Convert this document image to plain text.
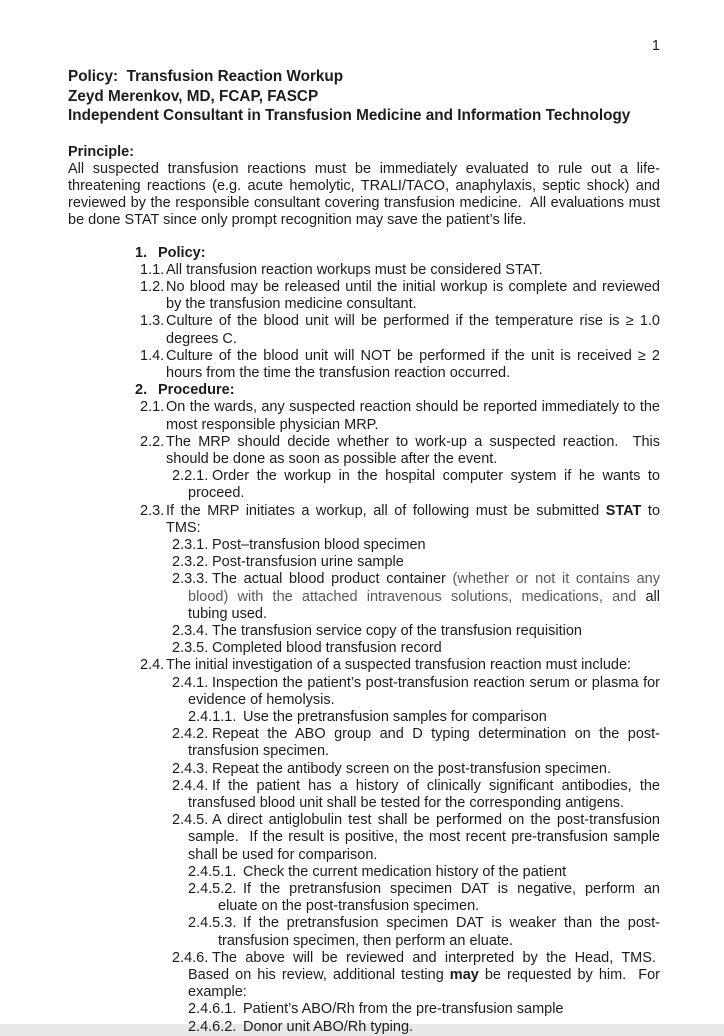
1
Policy:  Transfusion Reaction Workup
Zeyd Merenkov, MD, FCAP, FASCP
Independent Consultant in Transfusion Medicine and Information Technology
Principle:
All suspected transfusion reactions must be immediately evaluated to rule out a life-threatening reactions (e.g. acute hemolytic, TRALI/TACO, anaphylaxis, septic shock) and reviewed by the responsible consultant covering transfusion medicine.  All evaluations must be done STAT since only prompt recognition may save the patient’s life.
1. Policy:
1.1. All transfusion reaction workups must be considered STAT.
1.2. No blood may be released until the initial workup is complete and reviewed by the transfusion medicine consultant.
1.3. Culture of the blood unit will be performed if the temperature rise is ≥ 1.0 degrees C.
1.4. Culture of the blood unit will NOT be performed if the unit is received ≥ 2 hours from the time the transfusion reaction occurred.
2. Procedure:
2.1. On the wards, any suspected reaction should be reported immediately to the most responsible physician MRP.
2.2. The MRP should decide whether to work-up a suspected reaction.  This should be done as soon as possible after the event.
2.2.1. Order the workup in the hospital computer system if he wants to proceed.
2.3. If the MRP initiates a workup, all of following must be submitted STAT to TMS:
2.3.1. Post–transfusion blood specimen
2.3.2. Post-transfusion urine sample
2.3.3. The actual blood product container (whether or not it contains any blood) with the attached intravenous solutions, medications, and all tubing used.
2.3.4. The transfusion service copy of the transfusion requisition
2.3.5. Completed blood transfusion record
2.4. The initial investigation of a suspected transfusion reaction must include:
2.4.1. Inspection the patient’s post-transfusion reaction serum or plasma for evidence of hemolysis.
2.4.1.1. Use the pretransfusion samples for comparison
2.4.2. Repeat the ABO group and D typing determination on the post-transfusion specimen.
2.4.3. Repeat the antibody screen on the post-transfusion specimen.
2.4.4. If the patient has a history of clinically significant antibodies, the transfused blood unit shall be tested for the corresponding antigens.
2.4.5. A direct antiglobulin test shall be performed on the post-transfusion sample.  If the result is positive, the most recent pre-transfusion sample shall be used for comparison.
2.4.5.1. Check the current medication history of the patient
2.4.5.2. If the pretransfusion specimen DAT is negative, perform an eluate on the post-transfusion specimen.
2.4.5.3. If the pretransfusion specimen DAT is weaker than the post-transfusion specimen, then perform an eluate.
2.4.6. The above will be reviewed and interpreted by the Head, TMS.  Based on his review, additional testing may be requested by him.  For example:
2.4.6.1. Patient’s ABO/Rh from the pre-transfusion sample
2.4.6.2. Donor unit ABO/Rh typing.
